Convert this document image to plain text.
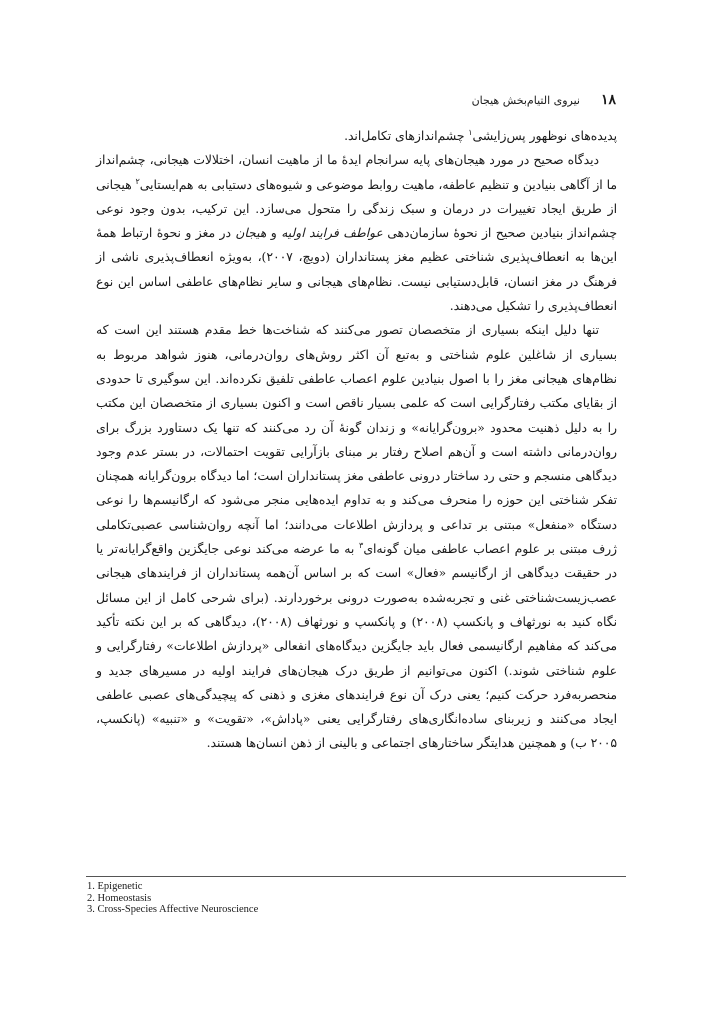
۱۸
نیروی التیام‌بخش هیجان

پدیده‌های نوظهور پس‌زایشی$^۱$ چشم‌اندازهای تکامل‌اند.

دیدگاه صحیح در مورد هیجان‌های پایه سرانجام ایدهٔ ما از ماهیت انسان، اختلالات هیجانی، چشم‌انداز ما از آگاهی بنیادین و تنظیم عاطفه، ماهیت روابط موضوعی و شیوه‌های دستیابی به هم‌ایستایی$^۲$ هیجانی از طریق ایجاد تغییرات در درمان و سبک زندگی را متحول می‌سازد. این ترکیب، بدون وجود نوعی چشم‌انداز بنیادین صحیح از نحوهٔ سازمان‌دهی عواطف فرایند اولیه و هیجان در مغز و نحوهٔ ارتباط همهٔ این‌ها به انعطاف‌پذیری شناختی عظیم مغز پستانداران (دویچ، ۲۰۰۷)، به‌ویژه انعطاف‌پذیری ناشی از فرهنگ در مغز انسان، قابل‌دستیابی نیست. نظام‌های هیجانی و سایر نظام‌های عاطفی اساس این نوع انعطاف‌پذیری را تشکیل می‌دهند.

تنها دلیل اینکه بسیاری از متخصصان تصور می‌کنند که شناخت‌ها خط مقدم هستند این است که بسیاری از شاغلین علوم شناختی و به‌تبع آن اکثر روش‌های روان‌درمانی، هنوز شواهد مربوط به نظام‌های هیجانی مغز را با اصول بنیادین علوم اعصاب عاطفی تلفیق نکرده‌اند. این سوگیری تا حدودی از بقایای مکتب رفتارگرایی است که علمی بسیار ناقص است و اکنون بسیاری از متخصصان این مکتب را به دلیل ذهنیت محدود «برون‌گرایانه» و زندان گونهٔ آن رد می‌کنند که تنها یک دستاورد بزرگ برای روان‌درمانی داشته است و آن‌هم اصلاح رفتار بر مبنای بازآرایی تقویت احتمالات، در بستر عدم وجود دیدگاهی منسجم و حتی رد ساختار درونی عاطفی مغز پستانداران است؛ اما دیدگاه برون‌گرایانه همچنان تفکر شناختی این حوزه را منحرف می‌کند و به تداوم ایده‌هایی منجر می‌شود که ارگانیسم‌ها را نوعی دستگاه «منفعل» مبتنی بر تداعی و پردازش اطلاعات می‌دانند؛ اما آنچه روان‌شناسی عصبی‌تکاملی ژرف مبتنی بر علوم اعصاب عاطفی میان گونه‌ای$^۳$ به ما عرضه می‌کند نوعی جایگزین واقع‌گرایانه‌تر یا در حقیقت دیدگاهی از ارگانیسم «فعال» است که بر اساس آن‌همه پستانداران از فرایندهای هیجانی عصب‌زیست‌شناختی غنی و تجربه‌شده به‌صورت درونی برخوردارند. (برای شرحی کامل از این مسائل نگاه کنید به نورثهاف و پانکسپ (۲۰۰۸) و پانکسپ و نورثهاف (۲۰۰۸)، دیدگاهی که بر این نکته تأکید می‌کند که مفاهیم ارگانیسمی فعال باید جایگزین دیدگاه‌های انفعالی «پردازش اطلاعات» رفتارگرایی و علوم شناختی شوند.) اکنون می‌توانیم از طریق درک هیجان‌های فرایند اولیه در مسیرهای جدید و منحصربه‌فرد حرکت کنیم؛ یعنی درک آن نوع فرایندهای مغزی و ذهنی که پیچیدگی‌های عصبی عاطفی ایجاد می‌کنند و زیربنای ساده‌انگاری‌های رفتارگرایی یعنی «پاداش»، «تقویت» و «تنبیه» (پانکسپ، ۲۰۰۵ ب) و همچنین هدایتگر ساختارهای اجتماعی و بالینی از ذهن انسان‌ها هستند.

1. Epigenetic
2. Homeostasis
3. Cross-Species Affective Neuroscience
